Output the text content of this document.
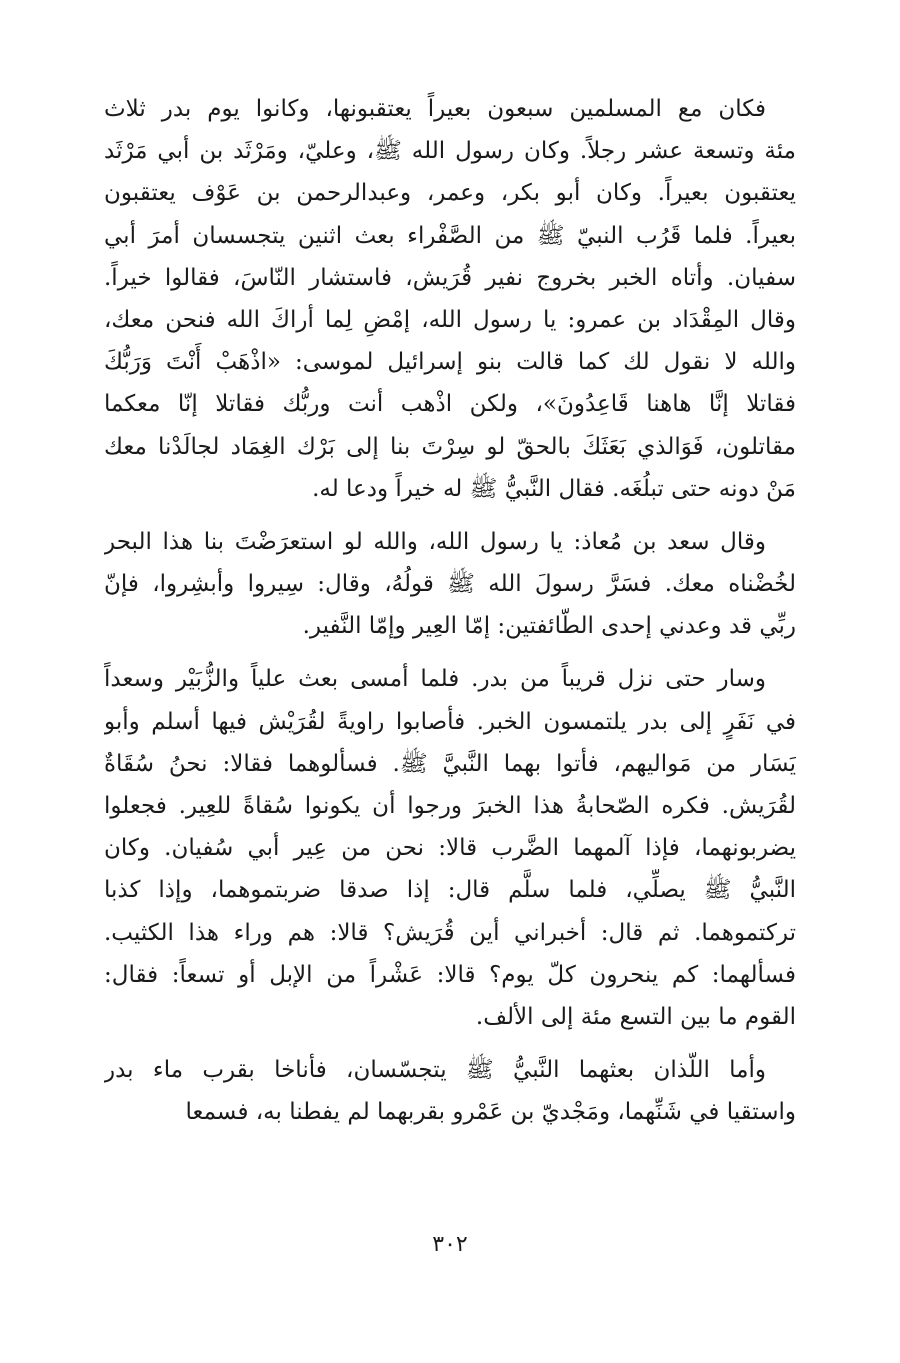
فكان مع المسلمين سبعون بعيراً يعتقبونها، وكانوا يوم بدر ثلاث
مئة وتسعة عشر رجلاً. وكان رسول الله ﷺ، وعليّ، ومَرْثَد بن أبي مَرْثَد
يعتقبون بعيراً. وكان أبو بكر، وعمر، وعبدالرحمن بن عَوْف يعتقبون
بعيراً. فلما قَرُب النبيّ ﷺ من الصَّفْراء بعث اثنين يتجسسان أمرَ أبي
سفيان. وأتاه الخبر بخروج نفير قُرَيش، فاستشار النّاسَ، فقالوا خيراً.
وقال المِقْدَاد بن عمرو: يا رسول الله، إمْضِ لِما أراكَ الله فنحن معك،
والله لا نقول لك كما قالت بنو إسرائيل لموسى: «اذْهَبْ أَنْتَ وَرَبُّكَ
فقاتلا إنَّا هاهنا قَاعِدُونَ»، ولكن اذْهب أنت وربُّك فقاتلا إنّا معكما
مقاتلون، فَوَالذي بَعَثَكَ بالحقّ لو سِرْتَ بنا إلى بَرْك الغِمَاد لجالَدْنا معك
مَنْ دونه حتى تبلُغَه. فقال النَّبيُّ ﷺ له خيراً ودعا له.
وقال سعد بن مُعاذ: يا رسول الله، والله لو استعرَضْتَ بنا هذا البحر
لخُضْناه معك. فسَرَّ رسولَ الله ﷺ قولُهُ، وقال: سِيروا وأبشِروا، فإنّ
ربِّي قد وعدني إحدى الطّائفتين: إمّا العِير وإمّا النَّفير.
وسار حتى نزل قريباً من بدر. فلما أمسى بعث علياً والزُّبَيْر وسعداً
في نَفَرٍ إلى بدر يلتمسون الخبر. فأصابوا راويةً لقُرَيْش فيها أسلم وأبو
يَسَار من مَواليهم، فأتوا بهما النَّبيَّ ﷺ. فسألوهما فقالا: نحنُ سُقَاةٌ
لقُرَيش. فكره الصّحابةُ هذا الخبرَ ورجوا أن يكونوا سُقاةً للعِير. فجعلوا
يضربونهما، فإذا آلمهما الضَّرب قالا: نحن من عِير أبي سُفيان. وكان
النَّبيُّ ﷺ يصلِّي، فلما سلَّم قال: إذا صدقا ضربتموهما، وإذا كذبا
تركتموهما. ثم قال: أخبراني أين قُرَيش؟ قالا: هم وراء هذا الكثيب.
فسألهما: كم ينحرون كلّ يوم؟ قالا: عَشْراً من الإبل أو تسعاً: فقال:
القوم ما بين التسع مئة إلى الألف.
وأما اللّذان بعثهما النَّبيُّ ﷺ يتجسّسان، فأناخا بقرب ماء بدر
واستقيا في شَنِّهما، ومَجْديّ بن عَمْرو بقربهما لم يفطنا به، فسمعا
٣٠٢
